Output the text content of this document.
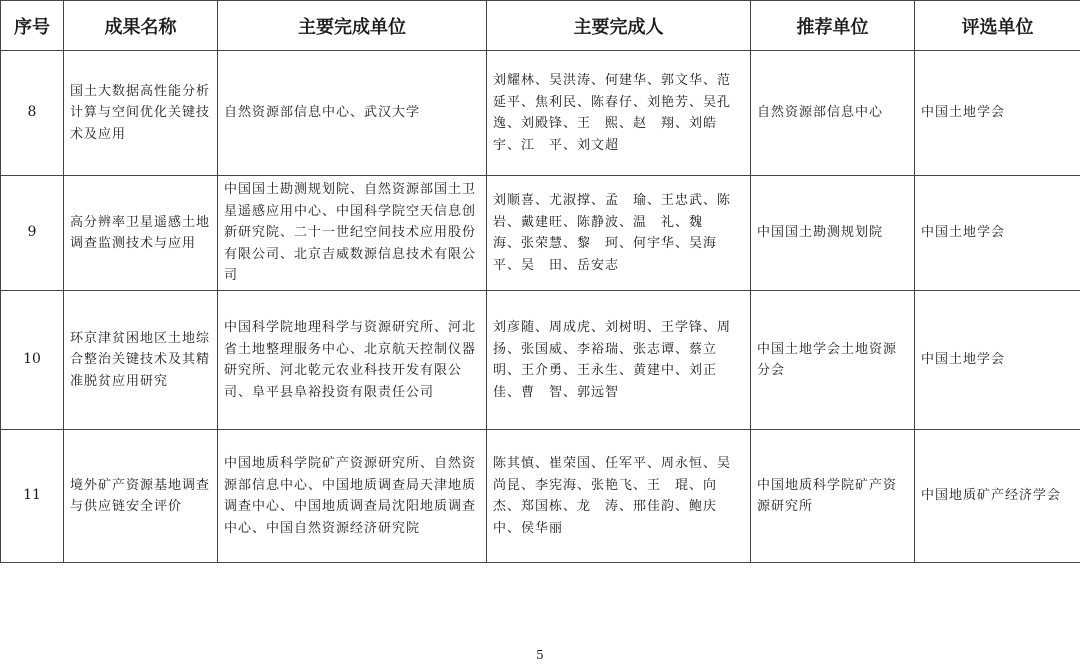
序号	成果名称	主要完成单位	主要完成人	推荐单位	评选单位
8	国土大数据高性能分析计算与空间优化关键技术及应用	自然资源部信息中心、武汉大学	刘耀林、吴洪涛、何建华、郭文华、范延平、焦利民、陈春仔、刘艳芳、吴孔逸、刘殿锋、王　熙、赵　翔、刘皓宇、江　平、刘文超	自然资源部信息中心	中国土地学会
9	高分辨率卫星遥感土地调查监测技术与应用	中国国土勘测规划院、自然资源部国土卫星遥感应用中心、中国科学院空天信息创新研究院、二十一世纪空间技术应用股份有限公司、北京吉威数源信息技术有限公司	刘顺喜、尤淑撑、孟　瑜、王忠武、陈　岩、戴建旺、陈静波、温　礼、魏　海、张荣慧、黎　珂、何宇华、吴海平、吴　田、岳安志	中国国土勘测规划院	中国土地学会
10	环京津贫困地区土地综合整治关键技术及其精准脱贫应用研究	中国科学院地理科学与资源研究所、河北省土地整理服务中心、北京航天控制仪器研究所、河北乾元农业科技开发有限公司、阜平县阜裕投资有限责任公司	刘彦随、周成虎、刘树明、王学锋、周　扬、张国威、李裕瑞、张志谭、蔡立明、王介勇、王永生、黄建中、刘正佳、曹　智、郭远智	中国土地学会土地资源分会	中国土地学会
11	境外矿产资源基地调查与供应链安全评价	中国地质科学院矿产资源研究所、自然资源部信息中心、中国地质调查局天津地质调查中心、中国地质调查局沈阳地质调查中心、中国自然资源经济研究院	陈其慎、崔荣国、任军平、周永恒、吴尚昆、李宪海、张艳飞、王　琨、向　杰、郑国栋、龙　涛、邢佳韵、鲍庆中、侯华丽	中国地质科学院矿产资源研究所	中国地质矿产经济学会
5
